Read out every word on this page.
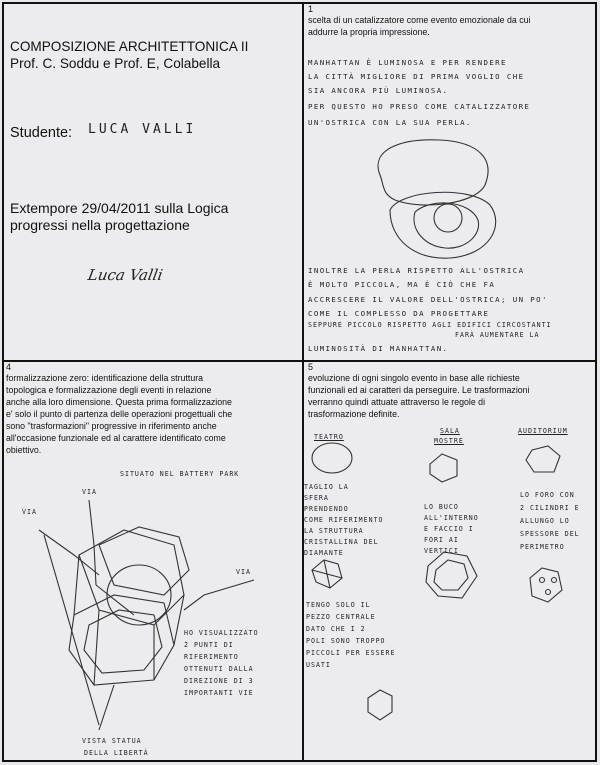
COMPOSIZIONE ARCHITETTONICA II
Prof. C. Soddu e Prof. E, Colabella
Studente: LUCA VALLI
Extempore 29/04/2011 sulla Logica
progressi nella progettazione
Luca Valli
1
scelta di un catalizzatore come evento emozionale da cui
addurre la propria impressione.
MANHATTAN È LUMINOSA E PER RENDERE
LA CITTÀ MIGLIORE DI PRIMA VOGLIO CHE
SIA ANCORA PIÙ LUMINOSA.
PER QUESTO HO PRESO COME CATALIZZATORE
UN'OSTRICA CON LA SUA PERLA.
INOLTRE LA PERLA RISPETTO ALL'OSTRICA
È MOLTO PICCOLA, MA È CIÒ CHE FA
ACCRESCERE IL VALORE DELL'OSTRICA; UN PO'
COME IL COMPLESSO DA PROGETTARE
SEPPURE PICCOLO RISPETTO AGLI EDIFICI CIRCOSTANTI
FARÀ AUMENTARE LA
LUMINOSITÀ DI MANHATTAN.
4
formalizzazione zero: identificazione della struttura
topologica e formalizzazione degli eventi in relazione
anche alla loro dimensione. Questa prima formalizzazione
e' solo il punto di partenza delle operazioni progettuali che
sono "trasformazioni" progressive in riferimento anche
all'occasione funzionale ed al carattere identificato come
obiettivo.
SITUATO NEL BATTERY PARK
VIA
VIA
VIA
HO VISUALIZZATO
2 PUNTI DI
RIFERIMENTO
OTTENUTI DALLA
DIREZIONE DI 3
IMPORTANTI VIE
VISTA STATUA
DELLA LIBERTÀ
5
evoluzione di ogni singolo evento in base alle richieste
funzionali ed ai caratteri da perseguire. Le trasformazioni
verranno quindi attuate attraverso le regole di
trasformazione definite.
TEATRO
SALA
MOSTRE
AUDITORIUM
TAGLIO LA
SFERA
PRENDENDO
COME RIFERIMENTO
LA STRUTTURA
CRISTALLINA DEL
DIAMANTE
LO BUCO
ALL'INTERNO
E FACCIO I
FORI AI
VERTICI
LO FORO CON
2 CILINDRI E
ALLUNGO LO
SPESSORE DEL
PERIMETRO
TENGO SOLO IL
PEZZO CENTRALE
DATO CHE I 2
POLI SONO TROPPO
PICCOLI PER ESSERE
USATI
